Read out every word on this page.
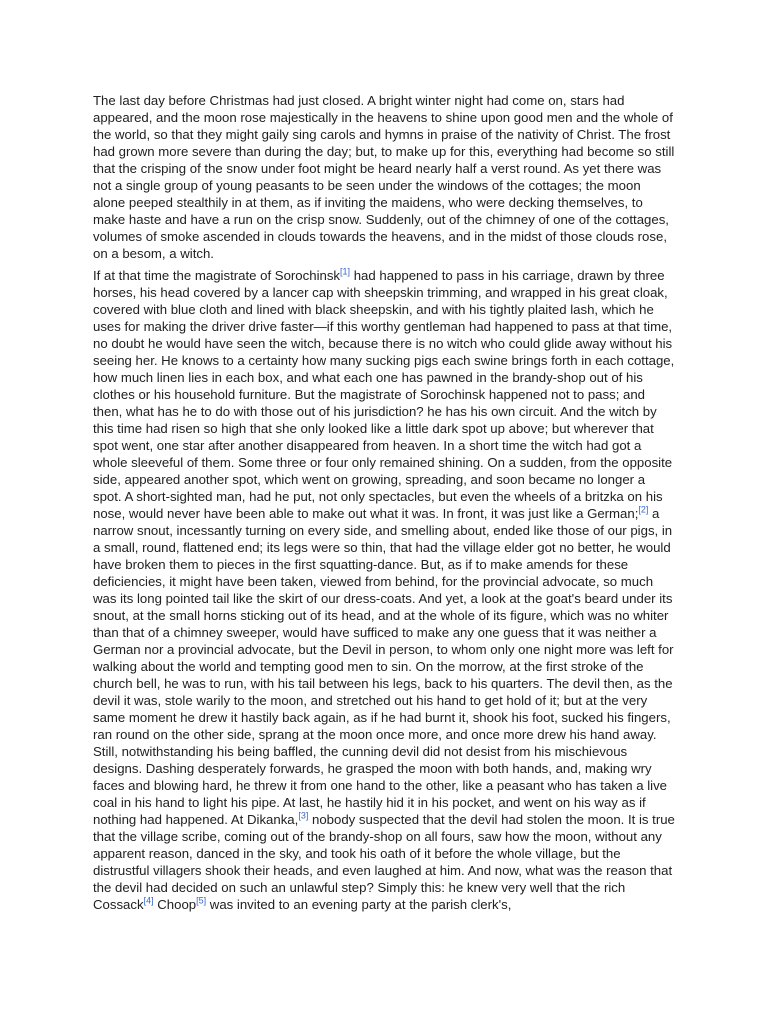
The last day before Christmas had just closed. A bright winter night had come on, stars had appeared, and the moon rose majestically in the heavens to shine upon good men and the whole of the world, so that they might gaily sing carols and hymns in praise of the nativity of Christ. The frost had grown more severe than during the day; but, to make up for this, everything had become so still that the crisping of the snow under foot might be heard nearly half a verst round. As yet there was not a single group of young peasants to be seen under the windows of the cottages; the moon alone peeped stealthily in at them, as if inviting the maidens, who were decking themselves, to make haste and have a run on the crisp snow. Suddenly, out of the chimney of one of the cottages, volumes of smoke ascended in clouds towards the heavens, and in the midst of those clouds rose, on a besom, a witch.

If at that time the magistrate of Sorochinsk[1] had happened to pass in his carriage, drawn by three horses, his head covered by a lancer cap with sheepskin trimming, and wrapped in his great cloak, covered with blue cloth and lined with black sheepskin, and with his tightly plaited lash, which he uses for making the driver drive faster—if this worthy gentleman had happened to pass at that time, no doubt he would have seen the witch, because there is no witch who could glide away without his seeing her. He knows to a certainty how many sucking pigs each swine brings forth in each cottage, how much linen lies in each box, and what each one has pawned in the brandy-shop out of his clothes or his household furniture. But the magistrate of Sorochinsk happened not to pass; and then, what has he to do with those out of his jurisdiction? he has his own circuit. And the witch by this time had risen so high that she only looked like a little dark spot up above; but wherever that spot went, one star after another disappeared from heaven. In a short time the witch had got a whole sleeveful of them. Some three or four only remained shining. On a sudden, from the opposite side, appeared another spot, which went on growing, spreading, and soon became no longer a spot. A short-sighted man, had he put, not only spectacles, but even the wheels of a britzka on his nose, would never have been able to make out what it was. In front, it was just like a German;[2] a narrow snout, incessantly turning on every side, and smelling about, ended like those of our pigs, in a small, round, flattened end; its legs were so thin, that had the village elder got no better, he would have broken them to pieces in the first squatting-dance. But, as if to make amends for these deficiencies, it might have been taken, viewed from behind, for the provincial advocate, so much was its long pointed tail like the skirt of our dress-coats. And yet, a look at the goat's beard under its snout, at the small horns sticking out of its head, and at the whole of its figure, which was no whiter than that of a chimney sweeper, would have sufficed to make any one guess that it was neither a German nor a provincial advocate, but the Devil in person, to whom only one night more was left for walking about the world and tempting good men to sin. On the morrow, at the first stroke of the church bell, he was to run, with his tail between his legs, back to his quarters. The devil then, as the devil it was, stole warily to the moon, and stretched out his hand to get hold of it; but at the very same moment he drew it hastily back again, as if he had burnt it, shook his foot, sucked his fingers, ran round on the other side, sprang at the moon once more, and once more drew his hand away. Still, notwithstanding his being baffled, the cunning devil did not desist from his mischievous designs. Dashing desperately forwards, he grasped the moon with both hands, and, making wry faces and blowing hard, he threw it from one hand to the other, like a peasant who has taken a live coal in his hand to light his pipe. At last, he hastily hid it in his pocket, and went on his way as if nothing had happened. At Dikanka,[3] nobody suspected that the devil had stolen the moon. It is true that the village scribe, coming out of the brandy-shop on all fours, saw how the moon, without any apparent reason, danced in the sky, and took his oath of it before the whole village, but the distrustful villagers shook their heads, and even laughed at him. And now, what was the reason that the devil had decided on such an unlawful step? Simply this: he knew very well that the rich Cossack[4] Choop[5] was invited to an evening party at the parish clerk's,
